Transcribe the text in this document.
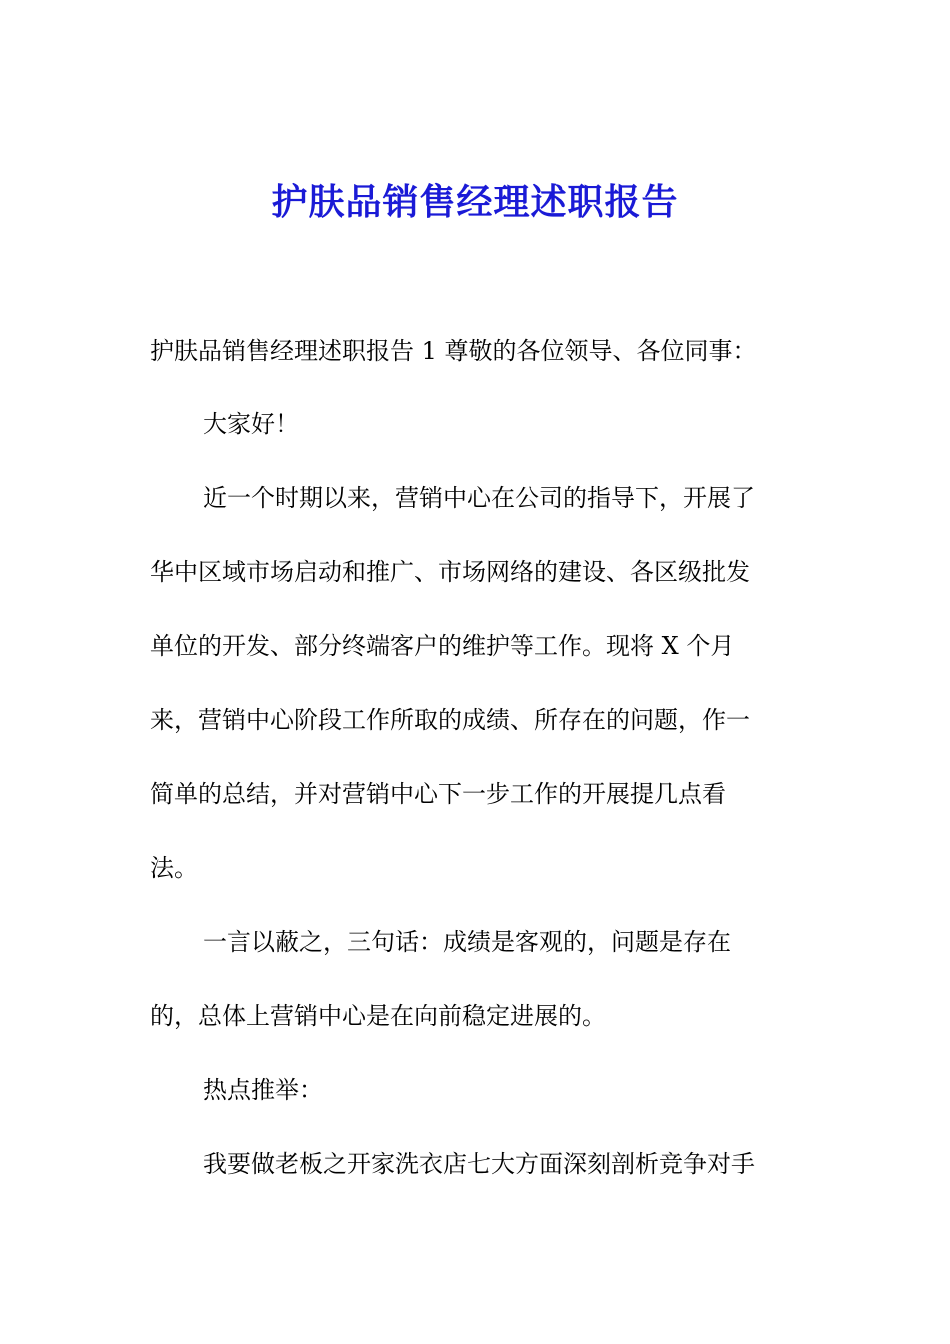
护肤品销售经理述职报告
护肤品销售经理述职报告 1 尊敬的各位领导、各位同事：
大家好！
近一个时期以来，营销中心在公司的指导下，开展了
华中区域市场启动和推广、市场网络的建设、各区级批发
单位的开发、部分终端客户的维护等工作。现将 X 个月
来，营销中心阶段工作所取的成绩、所存在的问题，作一
简单的总结，并对营销中心下一步工作的开展提几点看
法。
一言以蔽之，三句话：成绩是客观的，问题是存在
的，总体上营销中心是在向前稳定进展的。
热点推举：
我要做老板之开家洗衣店七大方面深刻剖析竞争对手
